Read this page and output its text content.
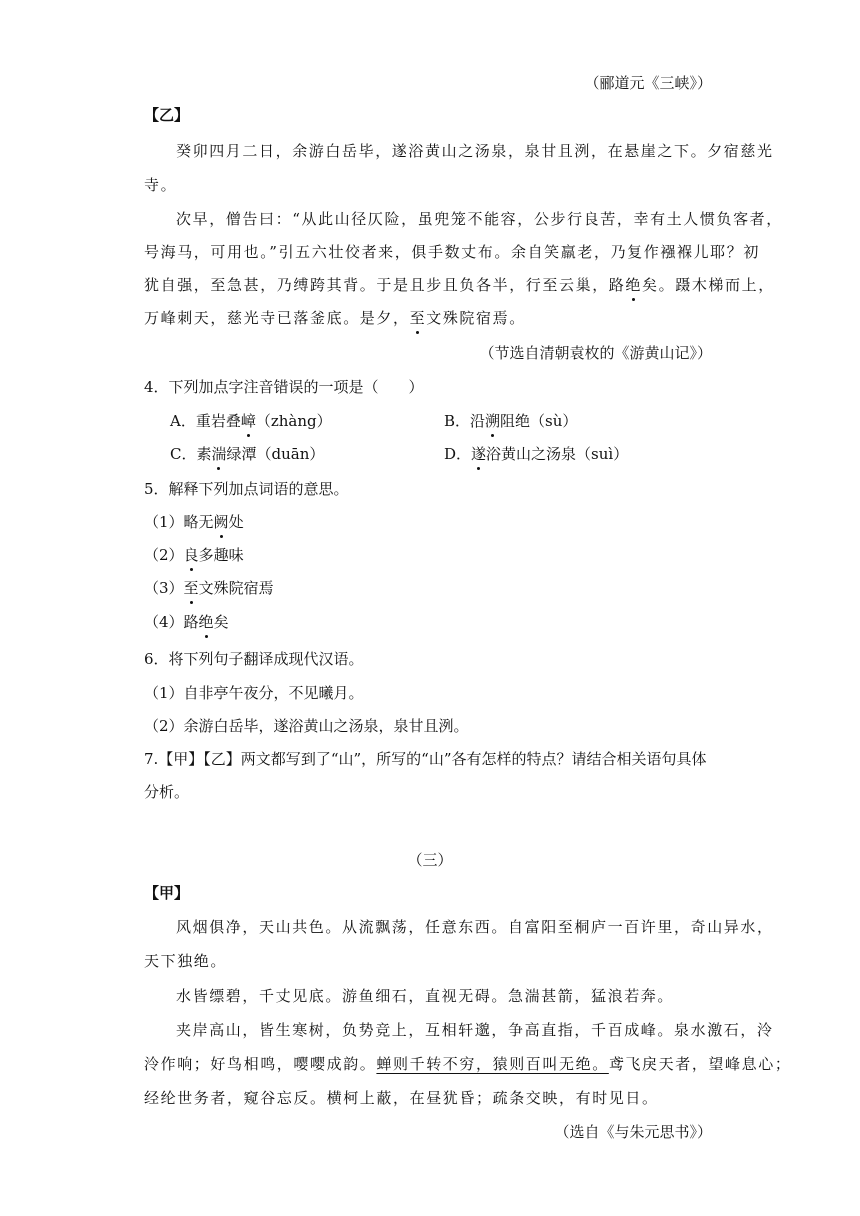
（郦道元《三峡》）
【乙】
癸卯四月二日，余游白岳毕，遂浴黄山之汤泉，泉甘且洌，在悬崖之下。夕宿慈光
寺。
次早，僧告曰：“从此山径仄险，虽兜笼不能容，公步行良苦，幸有土人惯负客者，
号海马，可用也。”引五六壮佼者来，俱手数丈布。余自笑羸老，乃复作襁褓儿耶？初
犹自强，至急甚，乃缚跨其背。于是且步且负各半，行至云巢，路绝矣。蹑木梯而上，
万峰刺天，慈光寺已落釜底。是夕，至文殊院宿焉。
（节选自清朝袁枚的《游黄山记》）
4．下列加点字注音错误的一项是（　　）
A．重岩叠嶂（zhàng）	B．沿溯阻绝（sù）
C．素湍绿潭（duān）	D．遂浴黄山之汤泉（suì）
5．解释下列加点词语的意思。
（1）略无阙处
（2）良多趣味
（3）至文殊院宿焉
（4）路绝矣
6．将下列句子翻译成现代汉语。
（1）自非亭午夜分，不见曦月。
（2）余游白岳毕，遂浴黄山之汤泉，泉甘且洌。
7.【甲】【乙】两文都写到了“山”，所写的“山”各有怎样的特点？请结合相关语句具体
分析。
（三）
【甲】
风烟俱净，天山共色。从流飘荡，任意东西。自富阳至桐庐一百许里，奇山异水，
天下独绝。
水皆缥碧，千丈见底。游鱼细石，直视无碍。急湍甚箭，猛浪若奔。
夹岸高山，皆生寒树，负势竞上，互相轩邈，争高直指，千百成峰。泉水激石，泠
泠作响；好鸟相鸣，嘤嘤成韵。蝉则千转不穷，猿则百叫无绝。鸢飞戾天者，望峰息心；
经纶世务者，窥谷忘反。横柯上蔽，在昼犹昏；疏条交映，有时见日。
（选自《与朱元思书》）
